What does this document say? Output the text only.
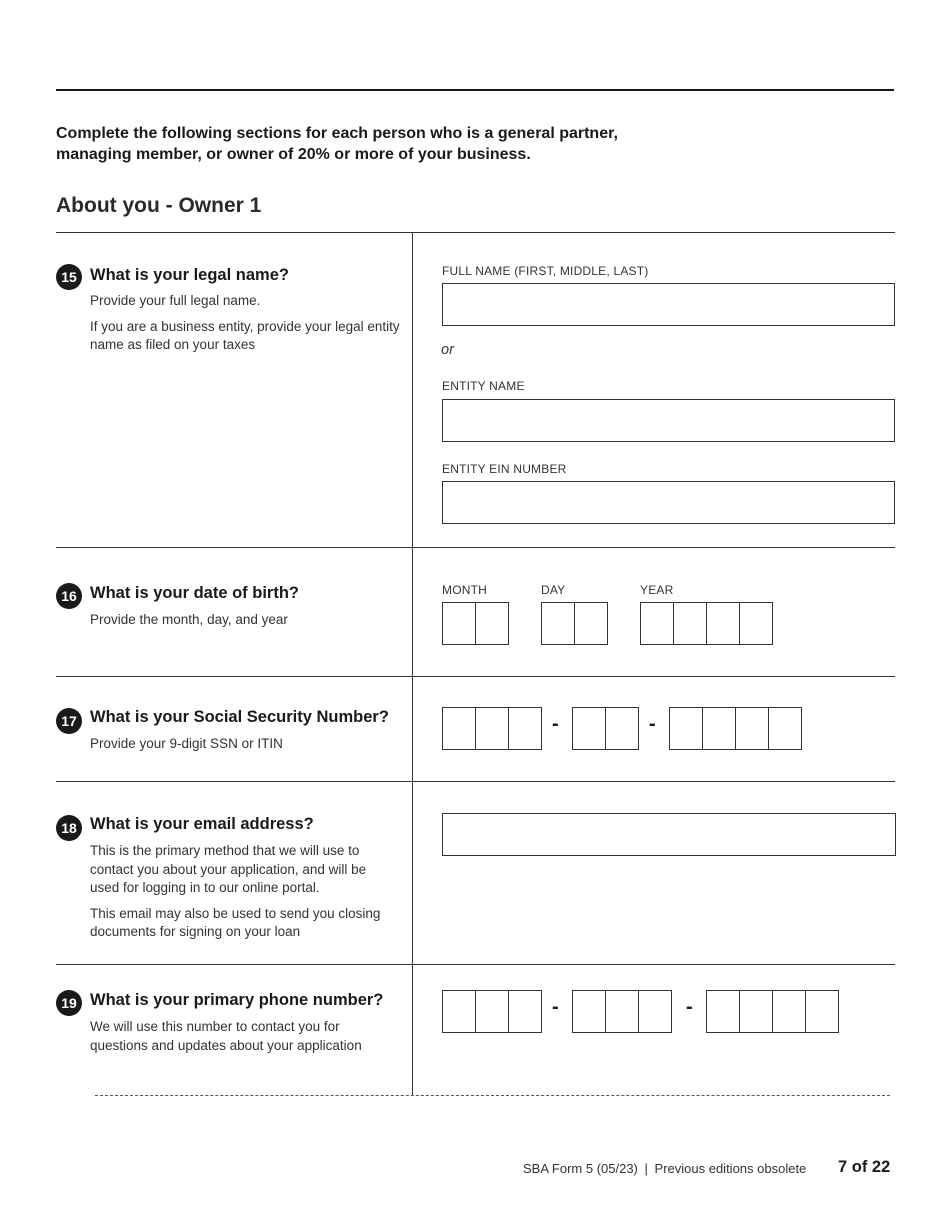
Complete the following sections for each person who is a general partner, managing member, or owner of 20% or more of your business.
About you - Owner 1
15 What is your legal name?
Provide your full legal name.
If you are a business entity, provide your legal entity name as filed on your taxes
FULL NAME (FIRST, MIDDLE, LAST)
or
ENTITY NAME
ENTITY EIN NUMBER
16 What is your date of birth?
Provide the month, day, and year
MONTH	DAY	YEAR
17 What is your Social Security Number?
Provide your 9-digit SSN or ITIN
-	-
18 What is your email address?
This is the primary method that we will use to contact you about your application, and will be used for logging in to our online portal.
This email may also be used to send you closing documents for signing on your loan
19 What is your primary phone number?
We will use this number to contact you for questions and updates about your application
-	-
SBA Form 5 (05/23) | Previous editions obsolete 7 of 22
